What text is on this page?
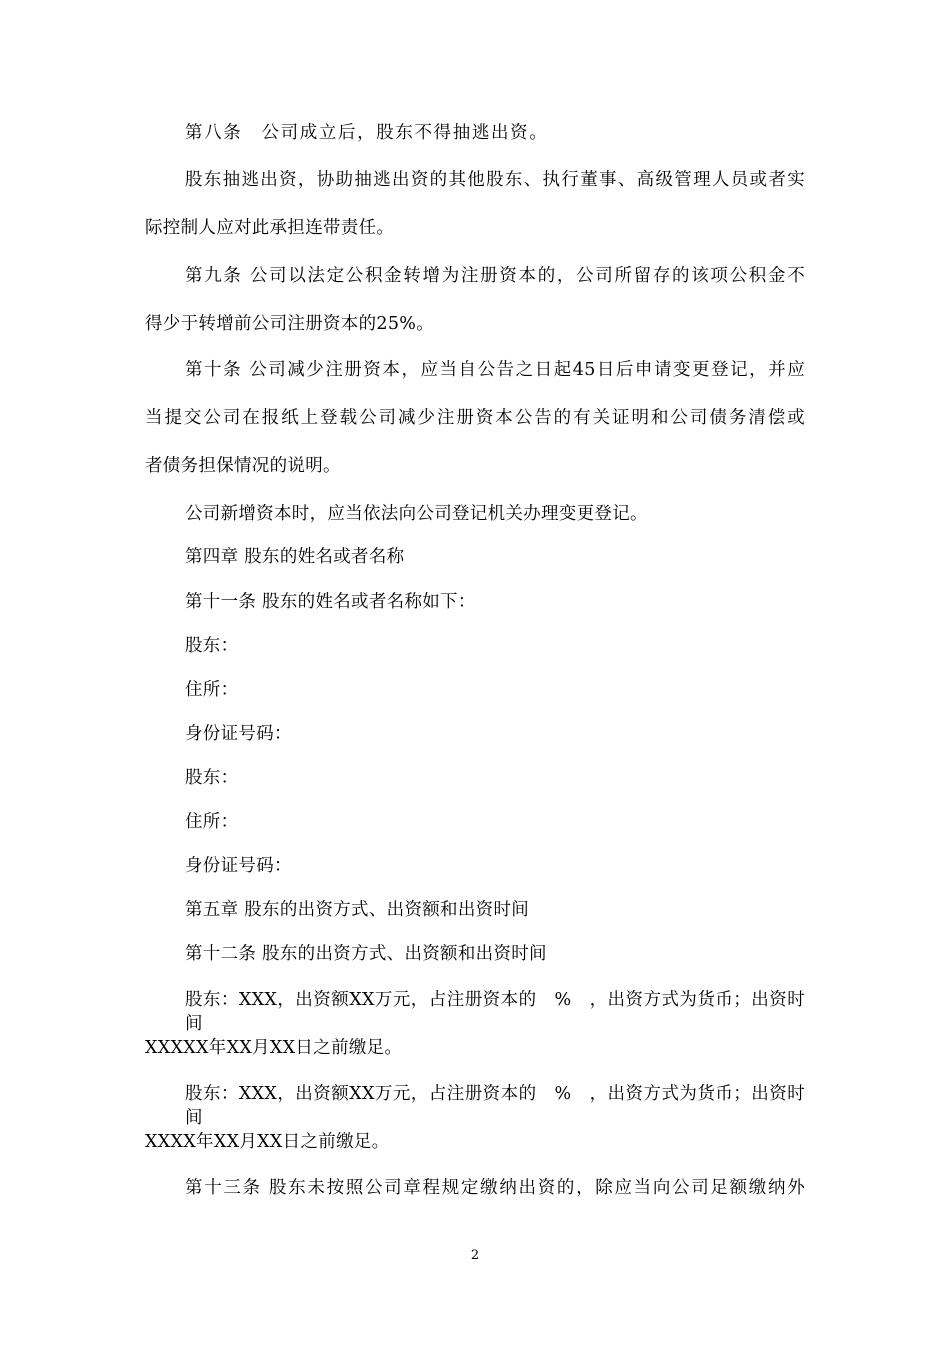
第八条　公司成立后，股东不得抽逃出资。
股东抽逃出资，协助抽逃出资的其他股东、执行董事、高级管理人员或者实
际控制人应对此承担连带责任。
第九条 公司以法定公积金转增为注册资本的，公司所留存的该项公积金不
得少于转增前公司注册资本的25%。
第十条 公司减少注册资本，应当自公告之日起45日后申请变更登记，并应
当提交公司在报纸上登载公司减少注册资本公告的有关证明和公司债务清偿或
者债务担保情况的说明。
公司新增资本时，应当依法向公司登记机关办理变更登记。
第四章 股东的姓名或者名称
第十一条 股东的姓名或者名称如下：
股东：
住所：
身份证号码：
股东：
住所：
身份证号码：
第五章 股东的出资方式、出资额和出资时间
第十二条 股东的出资方式、出资额和出资时间
股东：XXX，出资额XX万元，占注册资本的　%　，出资方式为货币；出资时间
XXXXX年XX月XX日之前缴足。
股东：XXX，出资额XX万元，占注册资本的　%　，出资方式为货币；出资时间
XXXX年XX月XX日之前缴足。
第十三条 股东未按照公司章程规定缴纳出资的，除应当向公司足额缴纳外
2
